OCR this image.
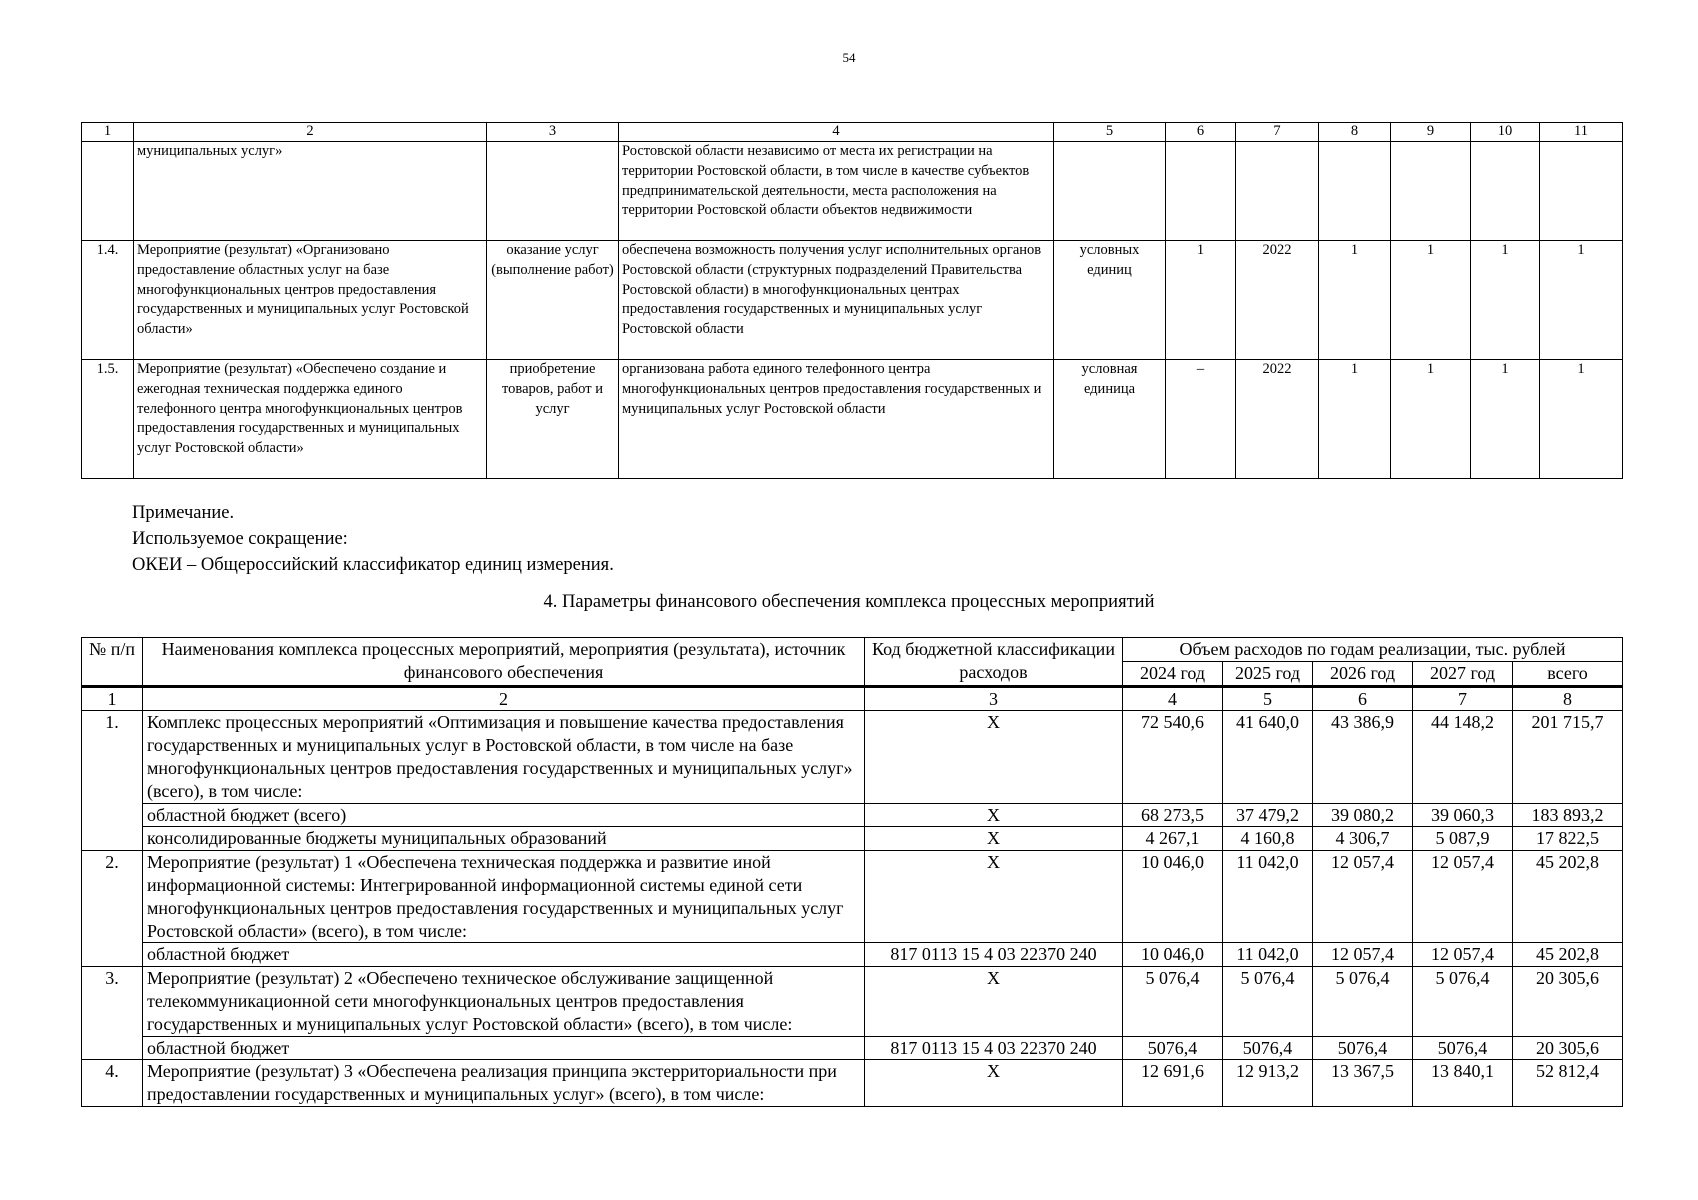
54
1	2	3	4	5	6	7	8	9	10	11
	муниципальных услуг»		Ростовской области независимо от места их регистрации на территории Ростовской области, в том числе в качестве субъектов предпринимательской деятельности, места расположения на территории Ростовской области объектов недвижимости							
1.4.	Мероприятие (результат) «Организовано предоставление областных услуг на базе многофункциональных центров предоставления государственных и муниципальных услуг Ростовской области»	оказание услуг (выполнение работ)	обеспечена возможность получения услуг исполнительных органов Ростовской области (структурных подразделений Правительства Ростовской области) в многофункциональных центрах предоставления государственных и муниципальных услуг Ростовской области	условных единиц	1	2022	1	1	1	1
1.5.	Мероприятие (результат) «Обеспечено создание и ежегодная техническая поддержка единого телефонного центра многофункциональных центров предоставления государственных и муниципальных услуг Ростовской области»	приобретение товаров, работ и услуг	организована работа единого телефонного центра многофункциональных центров предоставления государственных и муниципальных услуг Ростовской области	условная единица	–	2022	1	1	1	1
Примечание.
Используемое сокращение:
ОКЕИ – Общероссийский классификатор единиц измерения.
4. Параметры финансового обеспечения комплекса процессных мероприятий
№ п/п	Наименования комплекса процессных мероприятий, мероприятия (результата), источник финансового обеспечения	Код бюджетной классификации расходов	Объем расходов по годам реализации, тыс. рублей				
			2024 год	2025 год	2026 год	2027 год	всего
1	2	3	4	5	6	7	8
1.	Комплекс процессных мероприятий «Оптимизация и повышение качества предоставления государственных и муниципальных услуг в Ростовской области, в том числе на базе многофункциональных центров предоставления государственных и муниципальных услуг» (всего), в том числе:	Х	72 540,6	41 640,0	43 386,9	44 148,2	201 715,7
	областной бюджет (всего)	Х	68 273,5	37 479,2	39 080,2	39 060,3	183 893,2
	консолидированные бюджеты муниципальных образований	Х	4 267,1	4 160,8	4 306,7	5 087,9	17 822,5
2.	Мероприятие (результат) 1 «Обеспечена техническая поддержка и развитие иной информационной системы: Интегрированной информационной системы единой сети многофункциональных центров предоставления государственных и муниципальных услуг Ростовской области» (всего), в том числе:	Х	10 046,0	11 042,0	12 057,4	12 057,4	45 202,8
	областной бюджет	817 0113 15 4 03 22370 240	10 046,0	11 042,0	12 057,4	12 057,4	45 202,8
3.	Мероприятие (результат) 2 «Обеспечено техническое обслуживание защищенной телекоммуникационной сети многофункциональных центров предоставления государственных и муниципальных услуг Ростовской области» (всего), в том числе:	Х	5 076,4	5 076,4	5 076,4	5 076,4	20 305,6
	областной бюджет	817 0113 15 4 03 22370 240	5076,4	5076,4	5076,4	5076,4	20 305,6
4.	Мероприятие (результат) 3 «Обеспечена реализация принципа экстерриториальности при предоставлении государственных и муниципальных услуг» (всего), в том числе:	Х	12 691,6	12 913,2	13 367,5	13 840,1	52 812,4
